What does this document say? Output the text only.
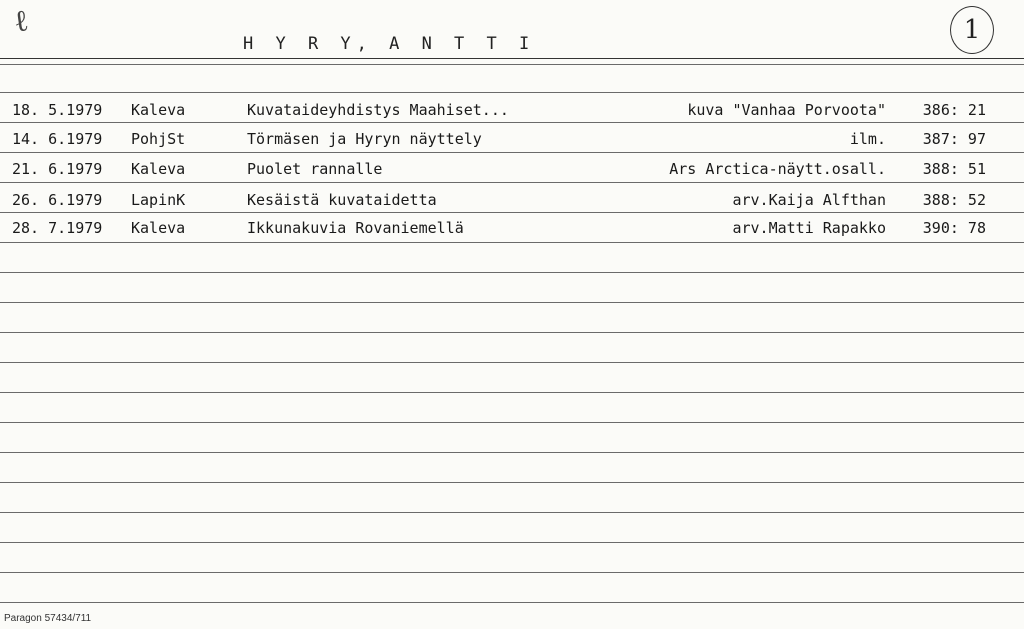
ℓ
H Y R Y, A N T T I	1
18. 5.1979 Kaleva	Kuvataideyhdistys Maahiset...	kuva "Vanhaa Porvoota" 386: 21
14. 6.1979 PohjSt	Törmäsen ja Hyryn näyttely	ilm. 387: 97
21. 6.1979 Kaleva	Puolet rannalle	Ars Arctica-näytt.osall. 388: 51
26. 6.1979 LapinK	Kesäistä kuvataidetta	arv.Kaija Alfthan 388: 52
28. 7.1979 Kaleva	Ikkunakuvia Rovaniemellä	arv.Matti Rapakko 390: 78
Paragon 57434/711
